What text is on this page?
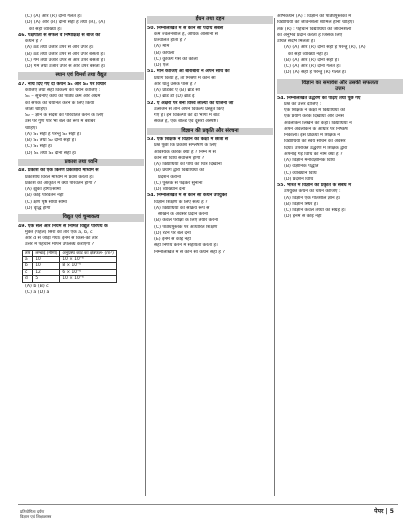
(C) (A) और (R) दोनों गलत है।
(D) (A) और (R) दोनों सही हैं तथा (R), (A)
की सही व्याख्या है।
46. पक्षपाती से सफल व निष्पक्षिक्ष से बीज का
कथन है ?
(A) ठंडे तथा उजार उपर से और उपर हैं।
(B) ठंडे तथा उजार उपर से और उपर बसता है।
(C) गर्म तथा उजार उपर से और उपर बसता है।
(D) गर्म तथा उजार उपर से और उपर बसता है।
स्थान एवं विमर्श तथा वैद्युत
47. नीचे दिए गए दो कथन S₁ और S₂ पर विचार
कीजिए तथा सही विकल्प का चयन कीजिए :
S₁ – सूचनाएं कार्य को पाठ्य क्रम और अग्रम
को संपर्क को चयनित करने के लिए किया
जाता चाहिए।
S₂ – ज्ञान के संदेश को परिवर्तित करने के लिए
उस पर गुण पोर भी बल की रूप में बराबर
चाहिए।
(A) S₁ सही है परन्तु S₂ सही है।
(B) S₁ तथा S₂ दोनों सही है।
(C) S₁ सही है।
(D) S₁ तथा S₂ दोनों सही है।
प्रकाश तथा ध्वनि
48. प्रकाश की एक किरण प्रकाशीय माध्यम से
प्रकाशीय विरल माध्यम में प्रवेश करती है।
प्रकाश की आकृति में क्या परिवर्तन होगा ?
(A) झुका होगा/सामी
(B) कोई परिवर्तन नहीं
(C) क्षण पृष्ठ सीधी सीमा
(D) वृद्धि होगी
विद्युत एवं चुम्बकत्व
49. एक सेल और नियम से निर्मित विद्युत परिपथ के
मुक्त (पहले) सिरों की तार एक a, b, c
और d से जोड़ा गया। इनमें से किस-की तार
उत्तर में पहचान मापन उपलब्ध कराएगा ?
तार	लम्बाई (मीमी)	अनुप्रस्थ काट का क्षेत्रफल- (m²)
a	10	10 × 10⁻⁶
b	10	8 × 10⁻⁶
c	12	6 × 10⁻⁶
d	5	10 × 10⁻⁶
(A) b (B) c
(C) a (D) a
ईंधन तथा दहन
50. निम्नलिखित में से कौन सा पदार्थ सबसे
कम ज्वलनशील है, अधिक आसानी से
प्रज्वलित होता है ?
(A) मोम
(B) कोयला
(C) कुकिंग गैस की कोली
(D) ऐल
51. मान कीजिए आ बाराबीरो ने अपने साथ का
प्रयोग किया है, तो मिश्रण में कौन सी
ओर धातु उसके पास है ?
(A) प्रोडक्ट ए (B) ब्रांड सी
(C) ब्रांड डी (D) ब्रांड ई
52. ए अक्षरों पर बनी विश्व लाल्या का योजना जो
उत्सर्जन से तीन अपने विकल्प प्रस्तुत किए
गए हैं। इन विकल्पों को दो भागों में बाँट
सकते हैं, एक बोल्ड एवं दूसरी अस्पष्ट।
विज्ञान की प्रकृति और संरचना
53. एक शिक्षक ने विज्ञान की कक्षा में छात्रों से
प्रश्न पूछा कि प्रकाश संश्लेषण के लिए
आवश्यक कारक क्या हैं ? निम्न में से
कौन सी विधि सर्वोत्तम होगी ?
(A) विद्यार्थियों को पौधे का चित्र दिखाना
(B) प्रयोग द्वारा विद्यार्थियों को
प्रदर्शन कराना
(C) पुस्तक से पढ़कर सुनाना
(D) व्याख्यान देना
54. निम्नलिखित में से कौन सा कथन उपयुक्त
विज्ञान शिक्षण के लिए सत्य है ?
(A) विद्यार्थियों को सक्रिय रूप से
सीखने के अवसर प्रदान करना
(B) केवल परीक्षा के लिए तैयार करना
(C) पाठ्यपुस्तक पर आधारित शिक्षण
(D) रटने पर बल देना
(E) इनमें से कोई नहीं
सही निर्णय करने में सहायता करता है।
निम्नलिखित में से कौन सा कथन सही है ?
अभिकथन (A) : विज्ञान की पाठ्यपुस्तकों में
विद्यार्थियों की जीवनशैली शामिल होनी चाहिए।
तर्क (R) : पहचान विद्यार्थियों की जीवनशैली
का अनुभव प्रदान करता है जिसके लिए
उचित संदर्भ मिलता है।
(A) (A) और (R) दोनों सही हैं परन्तु (R), (A)
की सही व्याख्या नहीं है।
(B) (A) और (R) दोनों सही हैं।
(C) (A) और (R) दोनों गलत हैं।
(D) (A) सही है परन्तु (R) गलत है।
विज्ञान का समावेश और उसकी सफलता
उत्तम
54. निम्नलिखित उद्धरण को पढ़िए तथा पूछे गए
प्रश्न का उत्तर दीजिए :
एक शिक्षक ने कक्षा में विद्यार्थियों को
एक प्रयोग करके दिखाया और उनसे
अवलोकन लिखने को कहा। विद्यार्थियों ने
अपने अवलोकन के आधार पर निष्कर्ष
निकाला। इस प्रक्रिया में शिक्षक ने
विद्यार्थियों को स्वयं सोचने का अवसर
दिया। उपरोक्त उद्धरण में शिक्षक द्वारा
अपनाई गई विधि का नाम क्या है ?
(A) विज्ञान मनोवैज्ञानिक विधि
(B) वैज्ञानिक पद्धति
(C) व्याख्यान विधि
(D) प्रदर्शन विधि
55. भारत में विज्ञान की प्रकृति के संबंध में
उपयुक्त कथन का चयन कीजिए :
(A) विज्ञान एक गतिशील ज्ञान है।
(B) विज्ञान स्थिर है।
(C) विज्ञान केवल तथ्यों का संग्रह है।
(D) इनमें से कोई नहीं
प्रतियोगिता दर्पण
विज्ञान एवं शिक्षाशास्त्र
पेपर | 5
